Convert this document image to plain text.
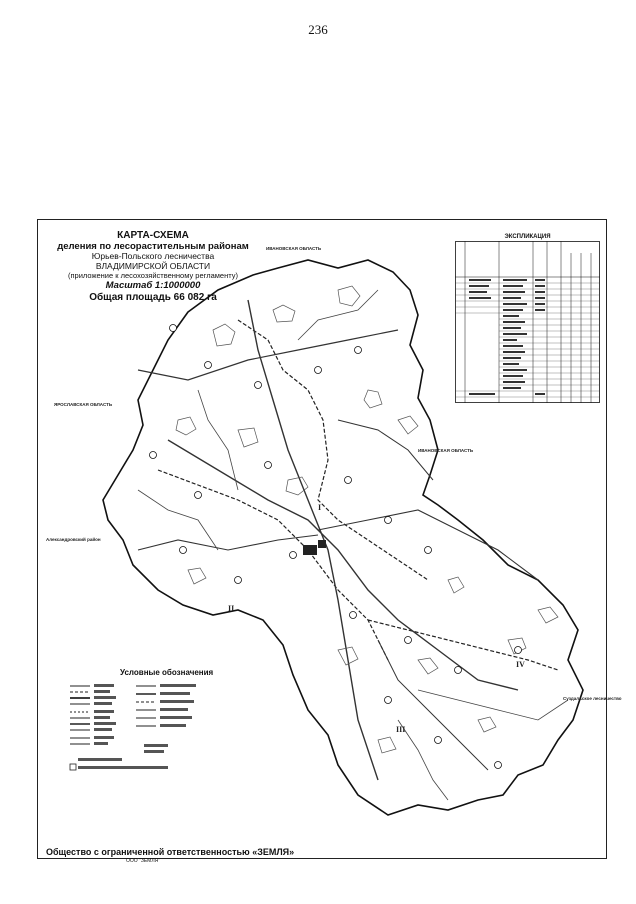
236
КАРТА-СХЕМА
деления по лесорастительным районам
Юрьев-Польского лесничества
ВЛАДИМИРСКОЙ ОБЛАСТИ
(приложение к лесохозяйственному регламенту)
Масштаб 1:1000000
Общая площадь 66 082 га
ИВАНОВСКАЯ ОБЛАСТЬ
ИВАНОВСКАЯ ОБЛАСТЬ
ЯРОСЛАВСКАЯ ОБЛАСТЬ
Александровский район
Суздальское лесничество
I
II
III
IV
ЭКСПЛИКАЦИЯ
Условные обозначения
Общество с ограниченной ответственностью «ЗЕМЛЯ»
ООО "ЗЕМЛЯ"
